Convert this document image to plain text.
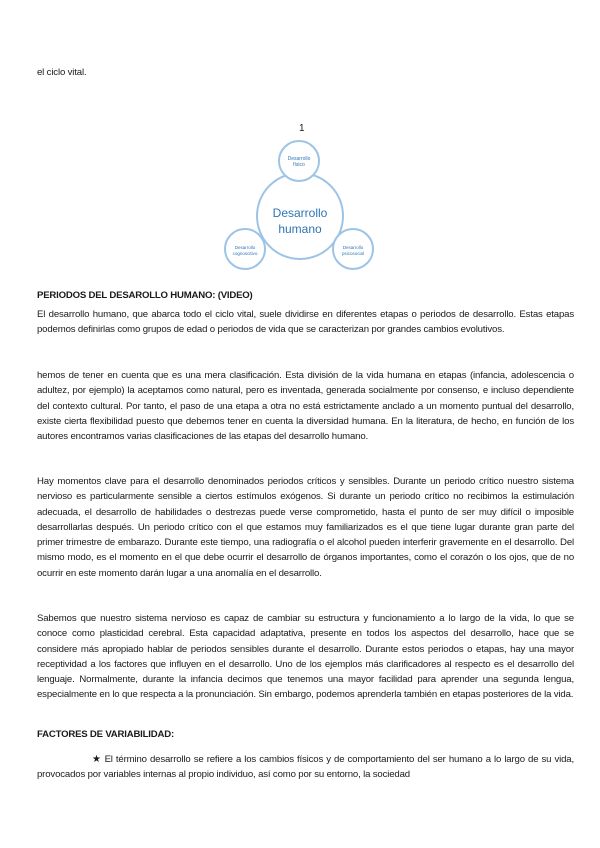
el ciclo vital.
1
Desarrollo
humano
Desarrollo
físico
Desarrollo
cognoscitivo
Desarrollo
psicosocial
PERIODOS DEL DESAROLLO HUMANO: (VIDEO)

El desarrollo humano, que abarca todo el ciclo vital, suele dividirse en diferentes etapas o periodos de desarrollo. Estas etapas podemos definirlas como grupos de edad o periodos de vida que se caracterizan por grandes cambios evolutivos.

hemos de tener en cuenta que es una mera clasificación. Esta división de la vida humana en etapas (infancia, adolescencia o adultez, por ejemplo) la aceptamos como natural, pero es inventada, generada socialmente por consenso, e incluso dependiente del contexto cultural. Por tanto, el paso de una etapa a otra no está estrictamente anclado a un momento puntual del desarrollo, existe cierta flexibilidad puesto que debemos tener en cuenta la diversidad humana. En la literatura, de hecho, en función de los autores encontramos varias clasificaciones de las etapas del desarrollo humano.

Hay momentos clave para el desarrollo denominados periodos críticos y sensibles. Durante un periodo crítico nuestro sistema nervioso es particularmente sensible a ciertos estímulos exógenos. Si durante un periodo crítico no recibimos la estimulación adecuada, el desarrollo de habilidades o destrezas puede verse comprometido, hasta el punto de ser muy difícil o imposible desarrollarlas después. Un periodo crítico con el que estamos muy familiarizados es el que tiene lugar durante gran parte del primer trimestre de embarazo. Durante este tiempo, una radiografía o el alcohol pueden interferir gravemente en el desarrollo. Del mismo modo, es el momento en el que debe ocurrir el desarrollo de órganos importantes, como el corazón o los ojos, que de no ocurrir en este momento darán lugar a una anomalía en el desarrollo.

Sabemos que nuestro sistema nervioso es capaz de cambiar su estructura y funcionamiento a lo largo de la vida, lo que se conoce como plasticidad cerebral. Esta capacidad adaptativa, presente en todos los aspectos del desarrollo, hace que se considere más apropiado hablar de periodos sensibles durante el desarrollo. Durante estos periodos o etapas, hay una mayor receptividad a los factores que influyen en el desarrollo. Uno de los ejemplos más clarificadores al respecto es el desarrollo del lenguaje. Normalmente, durante la infancia decimos que tenemos una mayor facilidad para aprender una segunda lengua, especialmente en lo que respecta a la pronunciación. Sin embargo, podemos aprenderla también en etapas posteriores de la vida.

FACTORES DE VARIABILIDAD:

★ El término desarrollo se refiere a los cambios físicos y de comportamiento del ser humano a lo largo de su vida, provocados por variables internas al propio individuo, así como por su entorno, la sociedad
